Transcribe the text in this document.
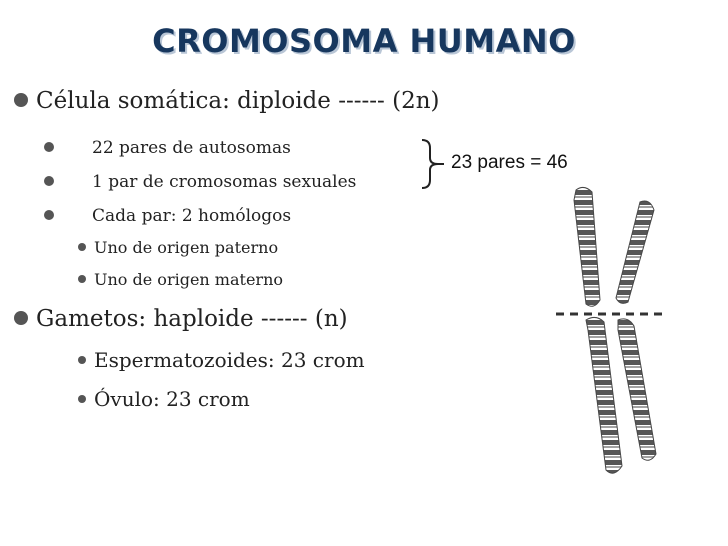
CROMOSOMA HUMANO
Célula somática: diploide ------ (2n)
22 pares de autosomas
1 par de cromosomas sexuales
Cada par: 2 homólogos
Uno de origen paterno
Uno de origen materno
Gametos: haploide ------ (n)
Espermatozoides: 23 crom
Óvulo: 23 crom
23 pares = 46
